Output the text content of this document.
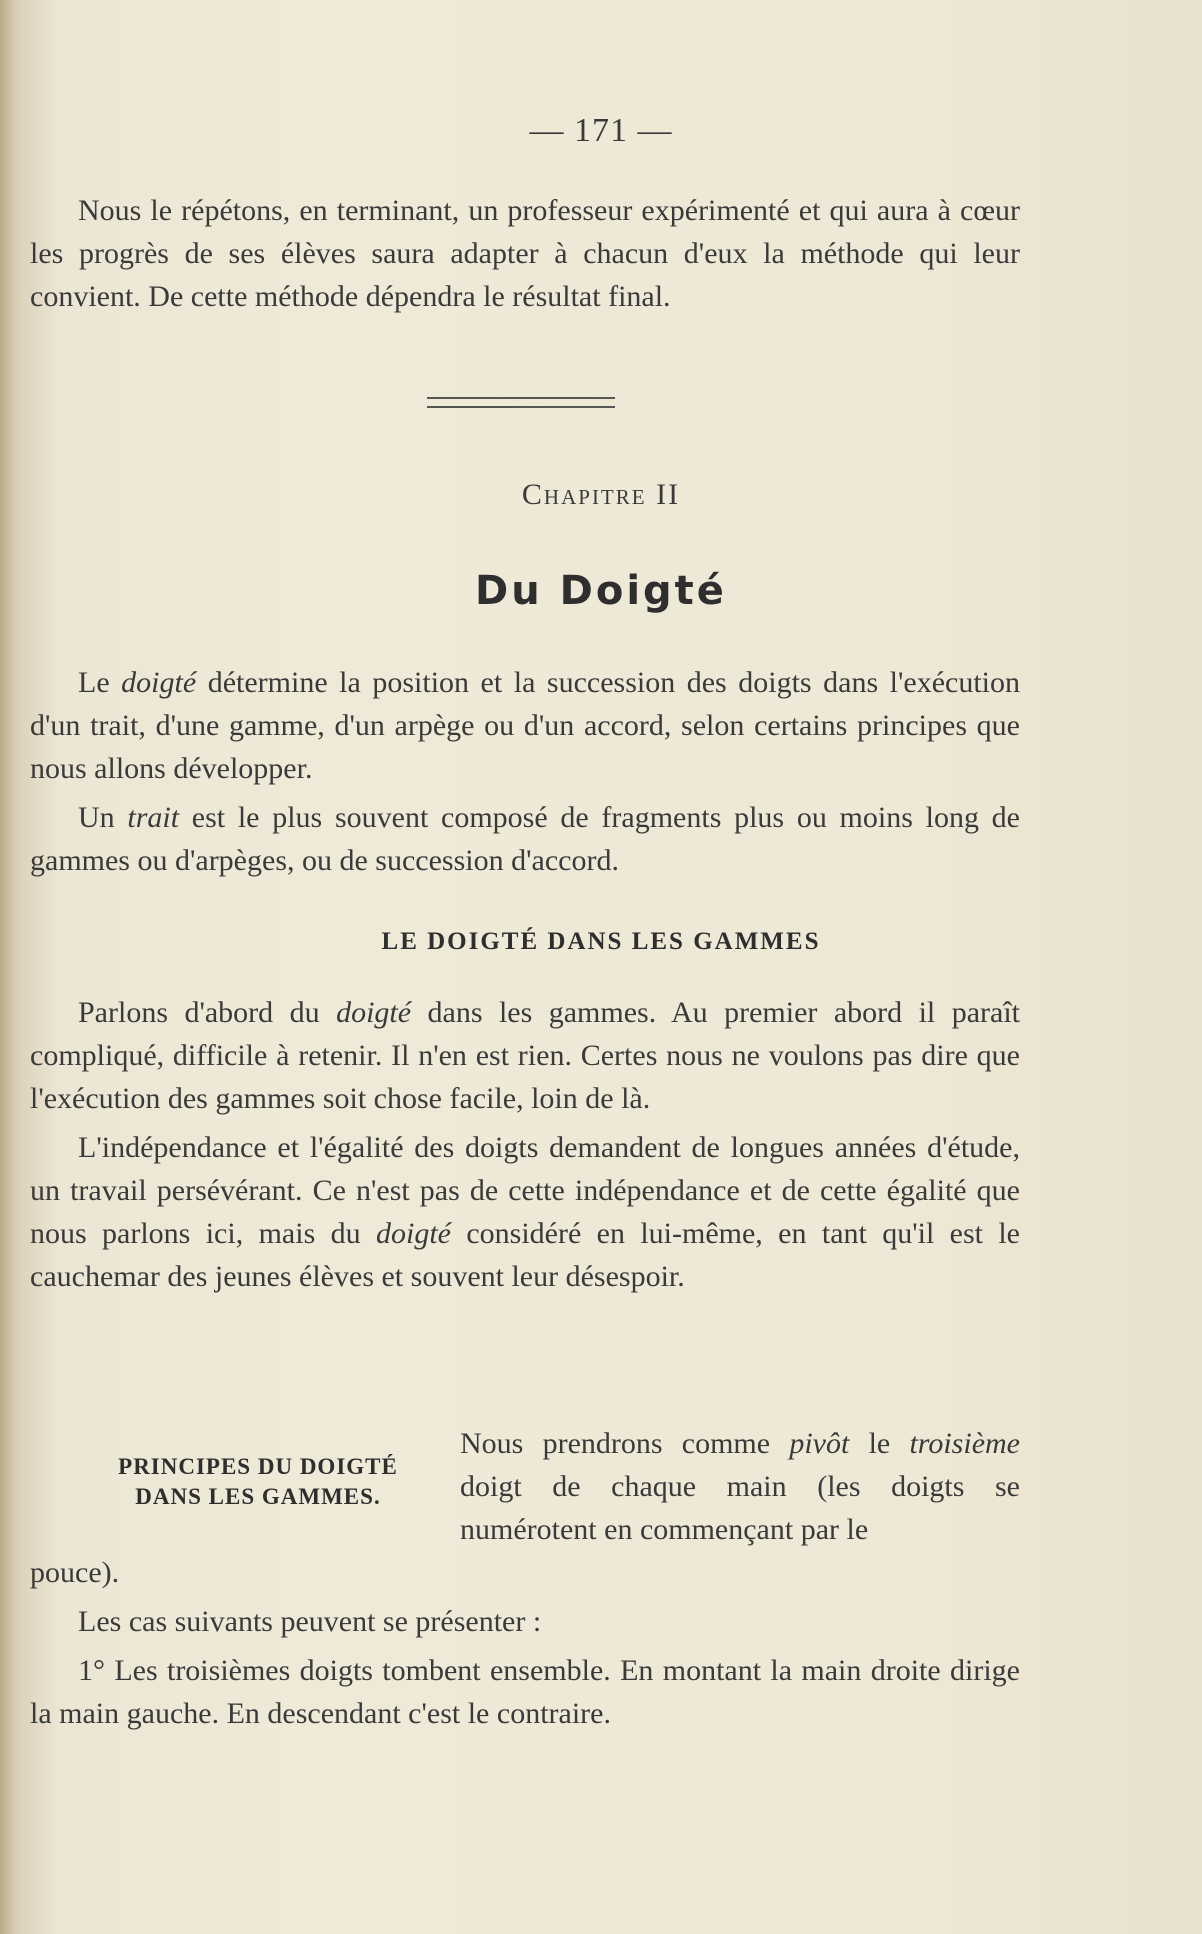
— 171 —

Nous le répétons, en terminant, un professeur expérimenté et qui aura à cœur les progrès de ses élèves saura adapter à chacun d'eux la méthode qui leur convient. De cette méthode dépendra le résultat final.

Chapitre II
Du Doigté

Le doigté détermine la position et la succession des doigts dans l'exécution d'un trait, d'une gamme, d'un arpège ou d'un accord, selon certains principes que nous allons développer.

Un trait est le plus souvent composé de fragments plus ou moins long de gammes ou d'arpèges, ou de succession d'accord.

LE DOIGTÉ DANS LES GAMMES

Parlons d'abord du doigté dans les gammes. Au premier abord il paraît compliqué, difficile à retenir. Il n'en est rien. Certes nous ne voulons pas dire que l'exécution des gammes soit chose facile, loin de là.

L'indépendance et l'égalité des doigts demandent de longues années d'étude, un travail persévérant. Ce n'est pas de cette indépendance et de cette égalité que nous parlons ici, mais du doigté considéré en lui-même, en tant qu'il est le cauchemar des jeunes élèves et souvent leur désespoir.

PRINCIPES DU DOIGTÉ
DANS LES GAMMES.

Nous prendrons comme pivôt le troisième doigt de chaque main (les doigts se numérotent en commençant par le

pouce).

Les cas suivants peuvent se présenter :

1° Les troisièmes doigts tombent ensemble. En montant la main droite dirige la main gauche. En descendant c'est le contraire.
